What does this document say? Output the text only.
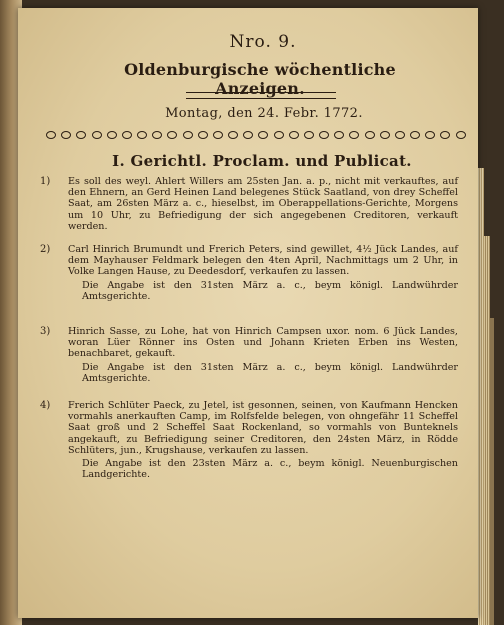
Nro. 9.
Oldenburgische wöchentliche Anzeigen.
Montag, den 24. Febr. 1772.
I. Gerichtl. Proclam. und Publicat.
1)	Es soll des weyl. Ahlert Willers am 25sten Jan. a. p., nicht mit verkauftes, auf den Ehnern, an Gerd Heinen Land belegenes Stück Saatland, von drey Scheffel Saat, am 26sten März a. c., hieselbst, im Oberappellations-Gerichte, Morgens um 10 Uhr, zu Befriedigung der sich angegebenen Creditoren, verkauft werden.
2)	Carl Hinrich Brumundt und Frerich Peters, sind gewillet, 4½ Jück Landes, auf dem Mayhauser Feldmark belegen den 4ten April, Nachmittags um 2 Uhr, in Volke Langen Hause, zu Deedesdorf, verkaufen zu lassen.
Die Angabe ist den 31sten März a. c., beym königl. Landwührder Amtsgerichte.
3)	Hinrich Sasse, zu Lohe, hat von Hinrich Campsen uxor. nom. 6 Jück Landes, woran Lüer Rönner ins Osten und Johann Krieten Erben ins Westen, benachbaret, gekauft.
Die Angabe ist den 31sten März a. c., beym königl. Landwührder Amtsgerichte.
4)	Frerich Schlüter Paeck, zu Jetel, ist gesonnen, seinen, von Kaufmann Hencken vormahls anerkauften Camp, im Rolfsfelde belegen, von ohngefähr 11 Scheffel Saat groß und 2 Scheffel Saat Rockenland, so vormahls von Bunteknels angekauft, zu Befriedigung seiner Creditoren, den 24sten März, in Rödde Schlüters, jun., Krugshause, verkaufen zu lassen.
Die Angabe ist den 23sten März a. c., beym königl. Neuenburgischen Landgerichte.
